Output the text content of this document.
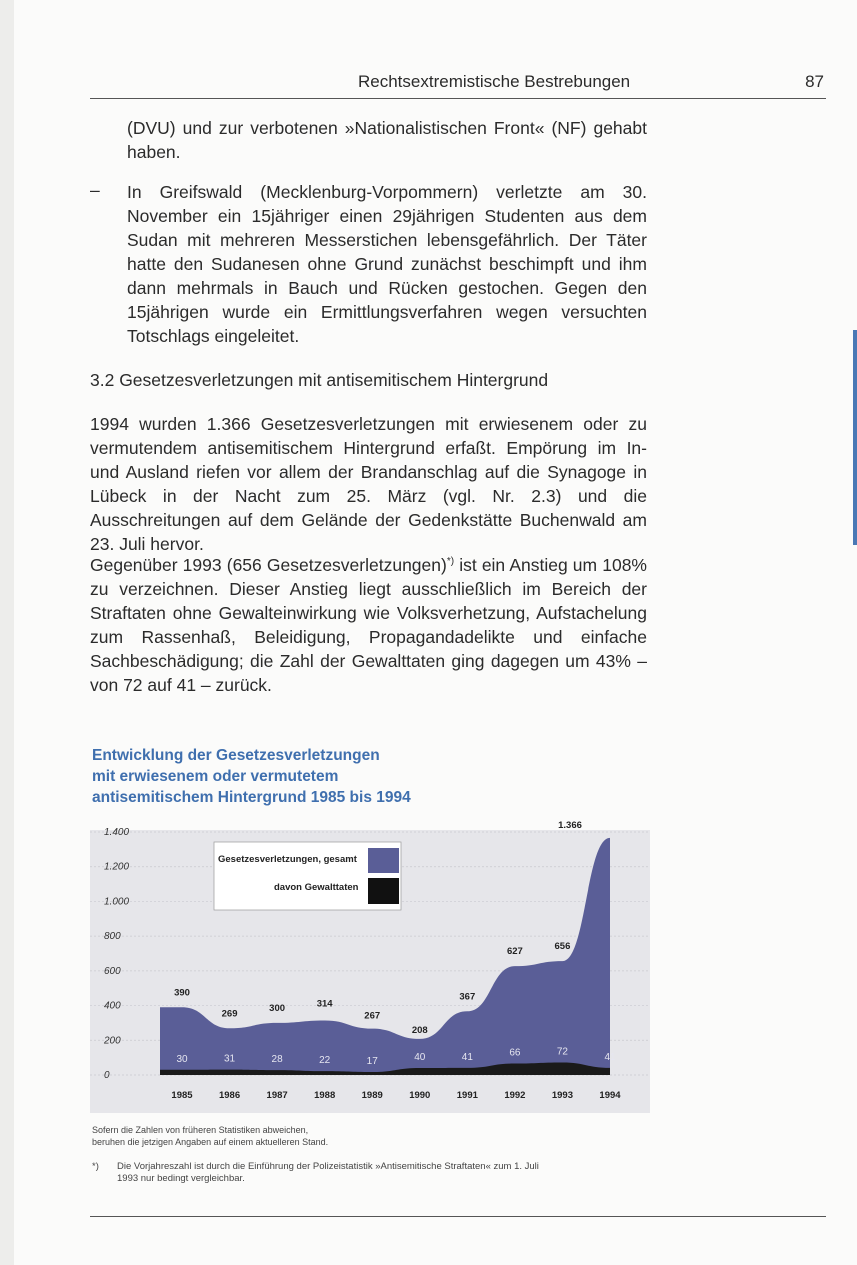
Rechtsextremistische Bestrebungen	87
(DVU) und zur verbotenen »Nationalistischen Front« (NF) gehabt haben.
– In Greifswald (Mecklenburg-Vorpommern) verletzte am 30. November ein 15jähriger einen 29jährigen Studenten aus dem Sudan mit mehreren Messerstichen lebensgefährlich. Der Täter hatte den Sudanesen ohne Grund zunächst beschimpft und ihm dann mehrmals in Bauch und Rücken gestochen. Gegen den 15jährigen wurde ein Ermittlungsverfahren wegen versuchten Totschlags eingeleitet.
3.2 Gesetzesverletzungen mit antisemitischem Hintergrund
1994 wurden 1.366 Gesetzesverletzungen mit erwiesenem oder zu vermutendem antisemitischem Hintergrund erfaßt. Empörung im In- und Ausland riefen vor allem der Brandanschlag auf die Synagoge in Lübeck in der Nacht zum 25. März (vgl. Nr. 2.3) und die Ausschreitungen auf dem Gelände der Gedenkstätte Buchenwald am 23. Juli hervor.
Gegenüber 1993 (656 Gesetzesverletzungen)*) ist ein Anstieg um 108% zu verzeichnen. Dieser Anstieg liegt ausschließlich im Bereich der Straftaten ohne Gewalteinwirkung wie Volksverhetzung, Aufstachelung zum Rassenhaß, Beleidigung, Propagandadelikte und einfache Sachbeschädigung; die Zahl der Gewalttaten ging dagegen um 43% – von 72 auf 41 – zurück.
Entwicklung der Gesetzesverletzungen
mit erwiesenem oder vermutetem
antisemitischem Hintergrund 1985 bis 1994
0
200
400
600
800
1.000
1.200
1.400
390
269	300	314
267
208
367
627	656
1.366
30	31	28	22	17	40	41	66	72	41
1985	1986	1987	1988	1989	1990	1991	1992	1993	1994
Gesetzesverletzungen, gesamt
davon Gewalttaten
Sofern die Zahlen von früheren Statistiken abweichen,
beruhen die jetzigen Angaben auf einem aktuelleren Stand.
*) Die Vorjahreszahl ist durch die Einführung der Polizeistatistik »Antisemitische Straftaten« zum 1. Juli
1993 nur bedingt vergleichbar.
